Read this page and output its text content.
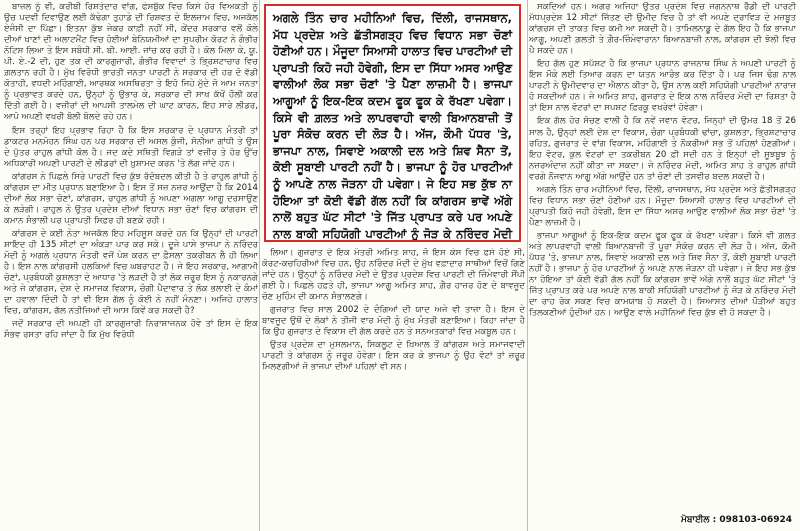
ਬਾਜ਼ਲ ਨੂੰ ਵੀ, ਕਰੀਬੀ ਰਿਸ਼ਤੇਦਾਰ ਵਾਂਗ, ਫੇਸਬੁੱਕ ਵਿਚ ਕਿਸੇ ਹੋਰ ਵਿਅਕਤੀ ਨੂੰ ਉਚ ਪਦਵੀ ਦਿਵਾਉਣ ਲਈ ਕੱਢੇਗਾ ਤੁਹਾਡੇ ਦੀ ਰਿਸ਼ਵਤ ਦੇ ਇਲਜ਼ਾਮ ਵਿਚ, ਅਜਕੱਲ ਏਜੰਸੀ ਦਾ ਪਿੱਛਾ। ਇਤਨਾ ਕੁੱਝ ਜੇਕਰ ਕਾਫ਼ੀ ਨਹੀਂ ਸੀ, ਕੇਂਦਰ ਸਰਕਾਰ ਵਲੋਂ ਕੋਲੇ ਦੀਆਂ ਖਾਣਾਂ ਦੀ ਅਲਾਟਮੈਂਟ ਵਿਚ ਹੋਈਆਂ ਬੇਨਿਯਮੀਆਂ ਦਾ ਸੁਪਰੀਮ ਕੋਰਟ ਨੇ ਗੰਭੀਰ ਨੋਟਿਸ ਲਿਆ ਤੇ ਇਸ ਸਬੰਧੀ ਸੀ. ਬੀ. ਆਈ. ਜਾਂਚ ਕਰ ਰਹੀ ਹੈ। ਕੋਲ ਮਿਲਾ ਕੇ, ਯੂ. ਪੀ. ਏ.-2 ਦੀ, ਹੁਣ ਤਕ ਦੀ ਕਾਰਗੁਜ਼ਾਰੀ, ਗੰਭੀਰ ਵਿਵਾਦਾਂ ਤੇ ਭ੍ਰਿਸ਼ਟਾਚਾਰ ਵਿਚ ਗ਼ਲਤਾਨ ਰਹੀ ਹੈ। ਮੁੱਖ ਵਿਰੋਧੀ ਭਾਰਤੀ ਜਨਤਾ ਪਾਰਟੀ ਨੇ ਸਰਕਾਰ ਦੀ ਹਰ ਦੋ ਵੱਡੀ ਕੋਤਾਹੀ, ਵਧਦੀ ਮਹਿੰਗਾਈ, ਆਰਥਕ ਅਸਥਿਰਤਾ ਤੇ ਇਹੋ ਜਿਹੇ ਮੁੱਦੇ ਜੋ ਆਮ ਜਨਤਾ ਨੂੰ ਪ੍ਰਭਾਵਤ ਕਰਦੇ ਹਨ, ਉਨ੍ਹਾਂ ਨੂੰ ਉਭਾਰ ਕੇ, ਸਰਕਾਰ ਦੀ ਸਾਖ ਕੱਖੋਂ ਹੌਲੀ ਕਰ ਦਿੱਤੀ ਗਈ ਹੈ। ਵਜ਼ੀਰਾਂ ਦੀ ਆਪਸੀ ਤਾਲਮੇਲ ਦੀ ਘਾਟ ਕਾਰਨ, ਇਹ ਸਾਰੇ ਲੀਡਰ, ਆਪੋ ਅਪਣੀ ਵਖਰੀ ਬੋਲੀ ਬੋਲਦੇ ਰਹੇ ਹਨ।

ਇਸ ਤਰ੍ਹਾਂ ਇਹ ਪ੍ਰਭਾਵ ਰਿਹਾ ਹੈ ਕਿ ਇਸ ਸਰਕਾਰ ਦੇ ਪ੍ਰਧਾਨ ਮੰਤਰੀ ਤਾਂ ਡਾਕਟਰ ਮਨਮੋਹਨ ਸਿੰਘ ਹਨ ਪਰ ਸਰਕਾਰ ਦੀ ਅਸਲ ਕੁੰਜੀ, ਸੋਨੀਆ ਗਾਂਧੀ ਤੇ ਉਸ ਦੇ ਪੁੱਤਰ ਰਾਹੁਲ ਗਾਂਧੀ ਕੋਲ ਹੈ। ਜਦ ਕਦੇ ਸਥਿਤੀ ਵਿਗੜੇ ਤਾਂ ਵਜ਼ੀਰ ਤੇ ਹੋਰ ਉੱਚ ਅਧਿਕਾਰੀ ਅਪਣੀ ਪਾਰਟੀ ਦੇ ਲੀਡਰਾਂ ਦੀ ਖ਼ੁਸ਼ਾਮਦ ਕਰਨ 'ਤੇ ਲੱਗ ਜਾਂਦੇ ਹਨ।

ਕਾਂਗਰਸ ਨੇ ਪਿਛਲੇ ਸਿਰੇ ਪਾਰਟੀ ਵਿਚ ਕੁੱਝ ਰੱਦੋਬਦਲ ਕੀਤੀ ਹੈ ਤੇ ਰਾਹੁਲ ਗਾਂਧੀ ਨੂੰ ਕਾਂਗਰਸ ਦਾ ਮੀਤ ਪ੍ਰਧਾਨ ਬਣਾਇਆ ਹੈ। ਇਸ ਤੋਂ ਸਜ਼ ਨਜ਼ਰ ਆਉਂਦਾ ਹੈ ਕਿ 2014 ਦੀਆਂ ਲੋਕ ਸਭਾ ਚੋਣਾਂ, ਕਾਂਗਰਸ, ਰਾਹੁਲ ਗਾਂਧੀ ਨੂੰ ਅਪਣਾ ਅਗਲਾ ਆਗੂ ਦਰਸਾਉਣ ਕੇ ਲੜੇਗੀ। ਰਾਹੁਲ ਨੇ ਉਤਰ ਪ੍ਰਦੇਸ਼ ਦੀਆਂ ਵਿਧਾਨ ਸਭਾ ਚੋਣਾਂ ਵਿਚ ਕਾਂਗਰਸ ਦੀ ਕਮਾਨ ਸੰਭਾਲੀ ਪਰ ਪ੍ਰਾਪਤੀ ਸਿਫ਼ਰ ਹੀ ਬਣਕੇ ਰਹੀ।

ਕਾਂਗਰਸ ਦੇ ਕਈ ਨੇਤਾ ਅਜਕੱਲ ਇਹ ਮਹਿਸੂਸ ਕਰਦੇ ਹਨ ਕਿ ਉਨ੍ਹਾਂ ਦੀ ਪਾਰਟੀ ਸ਼ਾਇਦ ਹੀ 135 ਸੀਟਾਂ ਦਾ ਅੰਕੜਾ ਪਾਰ ਕਰ ਸਕੇ। ਦੂਜੇ ਪਾਸੇ ਭਾਜਪਾ ਨੇ ਨਰਿੰਦਰ ਮੋਦੀ ਨੂੰ ਅਗਲੇ ਪ੍ਰਧਾਨ ਮੰਤਰੀ ਵਜੋਂ ਪੇਸ਼ ਕਰਨ ਦਾ ਫ਼ੈਸਲਾ ਤਕਰੀਬਨ ਲੈ ਹੀ ਲਿਆ ਹੈ। ਇਸ ਨਾਲ ਕਾਂਗਰਸੀ ਹਲਕਿਆਂ ਵਿਚ ਘਬਰਾਹਟ ਹੈ। ਜੇ ਇਹ ਸਰਕਾਰ, ਆਗਾਮੀ ਚੋਣਾਂ, ਪ੍ਰਬੰਧਕੀ ਕੁਸ਼ਲਤਾ ਦੇ ਆਧਾਰ 'ਤੇ ਲੜਦੀ ਹੈ ਤਾਂ ਲੋਕ ਜ਼ਰੂਰ ਇਸ ਨੂੰ ਨਕਾਰਨਗੇ ਅਤੇ ਜੇ ਕਾਂਗਰਸ, ਦੇਸ਼ ਦੇ ਸਮਾਜਕ ਵਿਕਾਸ, ਚੰਗੀ ਪੈਦਾਵਾਰ ਤੇ ਲੋਕ ਭਲਾਈ ਦੇ ਕੰਮਾਂ ਦਾ ਹਵਾਲਾ ਦਿੰਦੀ ਹੈ ਤਾਂ ਵੀ ਇਸ ਗੱਲ ਨੂੰ ਕੋਈ ਨੇ ਨਹੀਂ ਮੰਨਣਾ। ਅਜਿਹੇ ਹਾਲਾਤ ਵਿਚ, ਕਾਂਗਰਸ, ਗੱਲ ਨਤੀਜਿਆਂ ਦੀ ਆਸ ਕਿਵੇਂ ਕਰ ਸਕਦੀ ਹੈ?

ਜਦੋਂ ਸਰਕਾਰ ਦੀ ਅਪਣੀ ਹੀ ਕਾਰਗੁਜ਼ਾਰੀ ਨਿਰਾਸ਼ਾਜਨਕ ਹੋਵੇ ਤਾਂ ਇਸ ਦੇ ਇਕ ਸੰਭਵ ਰਸਤਾ ਰਹਿ ਜਾਂਦਾ ਹੈ ਕਿ ਮੁੱਖ ਵਿਰੋਧੀ

ਅਗਲੇ ਤਿੰਨ ਚਾਰ ਮਹੀਨਿਆਂ ਵਿਚ, ਦਿੱਲੀ, ਰਾਜਸਥਾਨ, ਮੱਧ ਪ੍ਰਦੇਸ਼ ਅਤੇ ਛੱਤੀਸਗੜ੍ਹ ਵਿਚ ਵਿਧਾਨ ਸਭਾ ਚੋਣਾਂ ਹੋਣੀਆਂ ਹਨ। ਮੌਜੂਦਾ ਸਿਆਸੀ ਹਾਲਾਤ ਵਿਚ ਪਾਰਟੀਆਂ ਦੀ ਪ੍ਰਾਪਤੀ ਕਿਹੋ ਜਹੀ ਹੋਵੇਗੀ, ਇਸ ਦਾ ਸਿੱਧਾ ਅਸਰ ਆਉਣ ਵਾਲੀਆਂ ਲੋਕ ਸਭਾ ਚੋਣਾਂ 'ਤੇ ਪੈਣਾ ਲਾਜ਼ਮੀ ਹੈ। ਭਾਜਪਾ ਆਗੂਆਂ ਨੂੰ ਇਕ-ਇਕ ਕਦਮ ਫੂਕ ਫੂਕ ਕੇ ਰੱਖਣਾ ਪਵੇਗਾ। ਕਿਸੇ ਵੀ ਗ਼ਲਤ ਅਤੇ ਲਾਪਰਵਾਹੀ ਵਾਲੀ ਬਿਆਨਬਾਜ਼ੀ ਤੋਂ ਪੂਰਾ ਸੰਕੋਚ ਕਰਨ ਦੀ ਲੋੜ ਹੈ। ਅੱਜ, ਕੌਮੀ ਪੱਧਰ 'ਤੇ, ਭਾਜਪਾ ਨਾਲ, ਸਿਵਾਏ ਅਕਾਲੀ ਦਲ ਅਤੇ ਸ਼ਿਵ ਸੈਨਾ ਤੋਂ, ਕੋਈ ਸੂਬਾਈ ਪਾਰਟੀ ਨਹੀਂ ਹੈ। ਭਾਜਪਾ ਨੂੰ ਹੋਰ ਪਾਰਟੀਆਂ ਨੂੰ ਆਪਣੇ ਨਾਲ ਜੋੜਨਾ ਹੀ ਪਵੇਗਾ। ਜੇ ਇਹ ਸਭ ਕੁੱਝ ਨਾ ਹੋਇਆ ਤਾਂ ਕੋਈ ਵੱਡੀ ਗੱਲ ਨਹੀਂ ਕਿ ਕਾਂਗਰਸ ਭਾਵੇਂ ਅੱਗੇ ਨਾਲੋਂ ਬਹੁਤ ਘੱਟ ਸੀਟਾਂ 'ਤੇ ਜਿੱਤ ਪ੍ਰਾਪਤ ਕਰੇ ਪਰ ਅਪਣੇ ਨਾਲ ਬਾਕੀ ਸਹਿਯੋਗੀ ਪਾਰਟੀਆਂ ਨੂੰ ਜੋੜ ਕੇ ਨਰਿੰਦਰ ਮੋਦੀ

ਲਿਆ। ਗੁਜਰਾਤ ਦੇ ਇਕ ਮੰਤਰੀ ਅਮਿਤ ਸ਼ਾਹ, ਜੋ ਇਸ ਕੇਸ ਵਿਚ ਫਸੇ ਹੋਏ ਸੀ, ਕੋਰਟ-ਕਚਹਿਰੀਆਂ ਵਿਚ ਹਨ, ਉਹ ਨਰਿੰਦਰ ਮੋਦੀ ਦੇ ਮੁੱਖ ਵਫ਼ਾਦਾਰ ਸਾਥੀਆਂ ਵਿਚੋਂ ਗਿਣੇ ਜਾਂਦੇ ਹਨ। ਉਨ੍ਹਾਂ ਨੂੰ ਨਰਿੰਦਰ ਮੋਦੀ ਦੇ ਉਤਰ ਪ੍ਰਦੇਸ਼ ਵਿਚ ਪਾਰਟੀ ਦੀ ਜ਼ਿੰਮੇਵਾਰੀ ਸੌਂਪੀ ਗਈ ਹੈ। ਪਿਛਲੇ ਹਫ਼ਤੇ ਹੀ, ਭਾਜਪਾ ਆਗੂ ਅਮਿਤ ਸ਼ਾਹ, ਗ਼ੈਰ ਹਾਜ਼ਰ ਹੋਣ ਦੇ ਬਾਵਜੂਦ ਚੋਣ ਮੁਹਿੰਮ ਦੀ ਕਮਾਨ ਸੰਭਾਲਣਗੇ।

ਗੁਜਰਾਤ ਵਿਚ ਸਾਲ 2002 ਦੇ ਦੰਗਿਆਂ ਦੀ ਯਾਦ ਅਜੇ ਵੀ ਤਾਜ਼ਾ ਹੈ। ਇਸ ਦੇ ਬਾਵਜੂਦ ਉਥੋਂ ਦੇ ਲੋਕਾਂ ਨੇ ਤੀਜੀ ਵਾਰ ਮੋਦੀ ਨੂੰ ਮੁੱਖ ਮੰਤਰੀ ਬਣਾਇਆ। ਕਿਹਾ ਜਾਂਦਾ ਹੈ ਕਿ ਉਹ ਗੁਜਰਾਤ ਦੇ ਵਿਕਾਸ ਦੀ ਗੱਲ ਕਰਦੇ ਹਨ ਤੇ ਸਨਅਤਕਾਰਾਂ ਵਿਚ ਮਕਬੂਲ ਹਨ।

ਉਤਰ ਪ੍ਰਦੇਸ਼ ਦਾ ਮੁਸਲਮਾਨ, ਸਿਕਲੂਟ ਦੇ ਖ਼ਿਆਲ ਤੋਂ ਕਾਂਗਰਸ ਅਤੇ ਸਮਾਜਵਾਦੀ ਪਾਰਟੀ ਤੇ ਕਾਂਗਰਸ ਨੂੰ ਜ਼ਰੂਰ ਹੋਵੇਗਾ। ਇਸ ਕਰ ਕੇ ਭਾਜਪਾ ਨੂੰ ਉਹ ਵੋਟਾਂ ਤਾਂ ਜ਼ਰੂਰ ਮਿਲਣਗੀਆਂ ਜੋ ਭਾਜਪਾ ਦੀਆਂ ਪਹਿਲਾਂ ਵੀ ਸਨ।

ਸਕਦਿਆਂ ਹਨ। ਅਗਰ ਅਜਿਹਾ ਉਤਰ ਪ੍ਰਦੇਸ਼ ਵਿਚ ਜਗਨਨਾਥ ਰੈੱਡੀ ਦੀ ਪਾਰਟੀ ਮੱਧਪ੍ਰਦੇਸ਼ 12 ਸੀਟਾਂ ਜਿੱਤਣ ਦੀ ਉਮੀਦ ਵਿਚ ਹੈ ਤਾਂ ਵੀ ਅਪਣੇ ਦ੍ਰਾਵਿੜ ਦੇ ਮਜ਼ਬੂਤ ਕਾਂਗਰਸ ਦੀ ਤਾਕਤ ਵਿਚ ਕਮੀ ਆ ਸਕਦੀ ਹੈ। ਤਾਮਿਲਨਾਡੂ ਦੇ ਗੱਲ ਇਹ ਹੈ ਕਿ ਭਾਜਪਾ ਆਗੂ, ਅਪਣੀ ਗ਼ਲਤੀ ਤੇ ਗ਼ੈਰ-ਜ਼ਿੰਮੇਵਾਰਾਨਾ ਬਿਆਨਬਾਜ਼ੀ ਨਾਲ, ਕਾਂਗਰਸ ਦੀ ਝੋਲੀ ਵਿਚ ਪੈ ਸਕਦੇ ਹਨ।

ਇਹ ਗੱਲ ਹੁਣ ਸਪੱਸ਼ਟ ਹੈ ਕਿ ਭਾਜਪਾ ਪ੍ਰਧਾਨ ਰਾਜਨਾਥ ਸਿੰਘ ਨੇ ਅਪਣੀ ਪਾਰਟੀ ਨੂੰ ਇਸ ਮੌਕੇ ਲਈ ਤਿਆਰ ਕਰਨ ਦਾ ਯਤਨ ਆਰੰਭ ਕਰ ਦਿੱਤਾ ਹੈ। ਪਰ ਜਿਸ ਢੰਗ ਨਾਲ ਪਾਰਟੀ ਨੇ ਉਮੀਦਵਾਰ ਦਾ ਐਲਾਨ ਕੀਤਾ ਹੈ, ਉਸ ਨਾਲ ਕਈ ਸਹਿਯੋਗੀ ਪਾਰਟੀਆਂ ਨਾਰਾਜ਼ ਹੋ ਸਕਦੀਆਂ ਹਨ। ਜੇ ਅਮਿਤ ਸ਼ਾਹ, ਗੁਜਰਾਤ ਦੇ ਇਕ ਨਾਲ ਨਰਿੰਦਰ ਮੋਦੀ ਦਾ ਰਿਸ਼ਤਾ ਹੈ ਤਾਂ ਇਸ ਨਾਲ ਵੋਟਰਾਂ ਦਾ ਸਪਸ਼ਟ ਫ਼ਿਰਕੂ ਵਖਰੇਵਾਂ ਹੋਵੇਗਾ।

ਇਕ ਗੱਲ ਹੋਰ ਸੋਚਣ ਵਾਲੀ ਹੈ ਕਿ ਨਵੇਂ ਜਵਾਨ ਵੋਟਰ, ਜਿਨ੍ਹਾਂ ਦੀ ਉਮਰ 18 ਤੋਂ 26 ਸਾਲ ਹੈ, ਉਨ੍ਹਾਂ ਲਈ ਦੇਸ਼ ਦਾ ਵਿਕਾਸ, ਚੰਗਾ ਪ੍ਰਬੰਧਕੀ ਢਾਂਚਾ, ਕੁਸ਼ਲਤਾ, ਭ੍ਰਿਸ਼ਟਾਚਾਰ ਰਹਿਤ, ਗੁਜਰਾਤ ਦੇ ਵਾਂਗ ਵਿਕਾਸ, ਮਹਿੰਗਾਈ ਤੇ ਨੌਕਰੀਆਂ ਸਭ ਤੋਂ ਪਹਿਲਾਂ ਹੋਣਗੀਆਂ। ਇਹ ਵੋਟਰ, ਕੁਲ ਵੋਟਰਾਂ ਦਾ ਤਕਰੀਬਨ 20 ਫ਼ੀ ਸਦੀ ਹਨ ਤੇ ਇਨ੍ਹਾਂ ਦੀ ਸੂਝਬੂਝ ਨੂੰ ਨਜ਼ਰਅੰਦਾਜ਼ ਨਹੀਂ ਕੀਤਾ ਜਾ ਸਕਦਾ। ਜੇ ਨਰਿੰਦਰ ਮੋਦੀ, ਅਮਿਤ ਸ਼ਾਹ ਤੇ ਰਾਹੁਲ ਗਾਂਧੀ ਵਰਗੇ ਨੌਜਵਾਨ ਆਗੂ ਅੱਗੇ ਆਉਂਦੇ ਹਨ ਤਾਂ ਚੋਣਾਂ ਦੀ ਤਸਵੀਰ ਬਦਲ ਸਕਦੀ ਹੈ।

ਅਗਲੇ ਤਿੰਨ ਚਾਰ ਮਹੀਨਿਆਂ ਵਿਚ, ਦਿੱਲੀ, ਰਾਜਸਥਾਨ, ਮੱਧ ਪ੍ਰਦੇਸ਼ ਅਤੇ ਛੱਤੀਸਗੜ੍ਹ ਵਿਚ ਵਿਧਾਨ ਸਭਾ ਚੋਣਾਂ ਹੋਣੀਆਂ ਹਨ। ਮੌਜੂਦਾ ਸਿਆਸੀ ਹਾਲਾਤ ਵਿਚ ਪਾਰਟੀਆਂ ਦੀ ਪ੍ਰਾਪਤੀ ਕਿਹੋ ਜਹੀ ਹੋਵੇਗੀ, ਇਸ ਦਾ ਸਿੱਧਾ ਅਸਰ ਆਉਣ ਵਾਲੀਆਂ ਲੋਕ ਸਭਾ ਚੋਣਾਂ 'ਤੇ ਪੈਣਾ ਲਾਜ਼ਮੀ ਹੈ।

ਭਾਜਪਾ ਆਗੂਆਂ ਨੂੰ ਇਕ-ਇਕ ਕਦਮ ਫੂਕ ਫੂਕ ਕੇ ਰੱਖਣਾ ਪਵੇਗਾ। ਕਿਸੇ ਵੀ ਗ਼ਲਤ ਅਤੇ ਲਾਪਰਵਾਹੀ ਵਾਲੀ ਬਿਆਨਬਾਜ਼ੀ ਤੋਂ ਪੂਰਾ ਸੰਕੋਚ ਕਰਨ ਦੀ ਲੋੜ ਹੈ। ਅੱਜ, ਕੌਮੀ ਪੱਧਰ 'ਤੇ, ਭਾਜਪਾ ਨਾਲ, ਸਿਵਾਏ ਅਕਾਲੀ ਦਲ ਅਤੇ ਸ਼ਿਵ ਸੈਨਾ ਤੋਂ, ਕੋਈ ਸੂਬਾਈ ਪਾਰਟੀ ਨਹੀਂ ਹੈ। ਭਾਜਪਾ ਨੂੰ ਹੋਰ ਪਾਰਟੀਆਂ ਨੂੰ ਅਪਣੇ ਨਾਲ ਜੋੜਨਾ ਹੀ ਪਵੇਗਾ। ਜੇ ਇਹ ਸਭ ਕੁੱਝ ਨਾ ਹੋਇਆ ਤਾਂ ਕੋਈ ਵੱਡੀ ਗੱਲ ਨਹੀਂ ਕਿ ਕਾਂਗਰਸ ਭਾਵੇਂ ਅੱਗੇ ਨਾਲੋਂ ਬਹੁਤ ਘੱਟ ਸੀਟਾਂ 'ਤੇ ਜਿੱਤ ਪ੍ਰਾਪਤ ਕਰੇ ਪਰ ਅਪਣੇ ਨਾਲ ਬਾਕੀ ਸਹਿਯੋਗੀ ਪਾਰਟੀਆਂ ਨੂੰ ਜੋੜ ਕੇ ਨਰਿੰਦਰ ਮੋਦੀ ਦਾ ਰਾਹ ਰੋਕ ਸਕਣ ਵਿਚ ਕਾਮਯਾਬ ਹੋ ਸਕਦੀ ਹੈ। ਸਿਆਸਤ ਦੀਆਂ ਪੌੜੀਆਂ ਬਹੁਤ ਤਿਲਕਣੀਆਂ ਹੁੰਦੀਆਂ ਹਨ। ਆਉਣ ਵਾਲੇ ਮਹੀਨਿਆਂ ਵਿਚ ਕੁੱਝ ਵੀ ਹੋ ਸਕਦਾ ਹੈ।

ਮੋਬਾਈਲ : 098103-06924
